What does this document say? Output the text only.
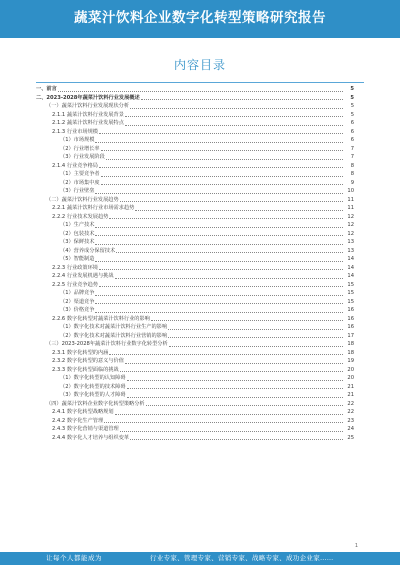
蔬菜汁饮料企业数字化转型策略研究报告
内容目录
一、前言	5
二、2023-2028年蔬菜汁饮料行业发展概述	5
（一）蔬菜汁饮料行业发展现状分析	5
2.1.1 蔬菜汁饮料行业发展背景	5
2.1.2 蔬菜汁饮料行业发展特点	6
2.1.3 行业市场规模	6
（1）市场规模	6
（2）行业增长率	7
（3）行业发展阶段	7
2.1.4 行业竞争格局	8
（1）主要竞争者	8
（2）市场集中度	9
（3）行业壁垒	10
（二）蔬菜汁饮料行业发展趋势	11
2.2.1 蔬菜汁饮料行业市场需求趋势	11
2.2.2 行业技术发展趋势	12
（1）生产技术	12
（2）包装技术	12
（3）保鲜技术	13
（4）营养成分保留技术	13
（5）智能制造	14
2.2.3 行业政策环境	14
2.2.4 行业发展机遇与挑战	14
2.2.5 行业竞争趋势	15
（1）品牌竞争	15
（2）渠道竞争	15
（3）价格竞争	16
2.2.6 数字化转型对蔬菜汁饮料行业的影响	16
（1）数字化技术对蔬菜汁饮料行业生产的影响	16
（2）数字化技术对蔬菜汁饮料行业营销的影响	17
（三）2023-2028年蔬菜汁饮料行业数字化转型分析	18
2.3.1 数字化转型的内涵	18
2.3.2 数字化转型的意义与价值	19
2.3.3 数字化转型面临的挑战	20
（1）数字化转型的认知障碍	20
（2）数字化转型的技术障碍	21
（3）数字化转型的人才障碍	21
（四）蔬菜汁饮料企业数字化转型策略分析	22
2.4.1 数字化转型战略规划	22
2.4.2 数字化生产管理	23
2.4.3 数字化营销与渠道管理	24
2.4.4 数字化人才培养与组织变革	25
1
让每个人都能成为	行业专家、管理专家、营销专家、战略专家、成功企业家……
